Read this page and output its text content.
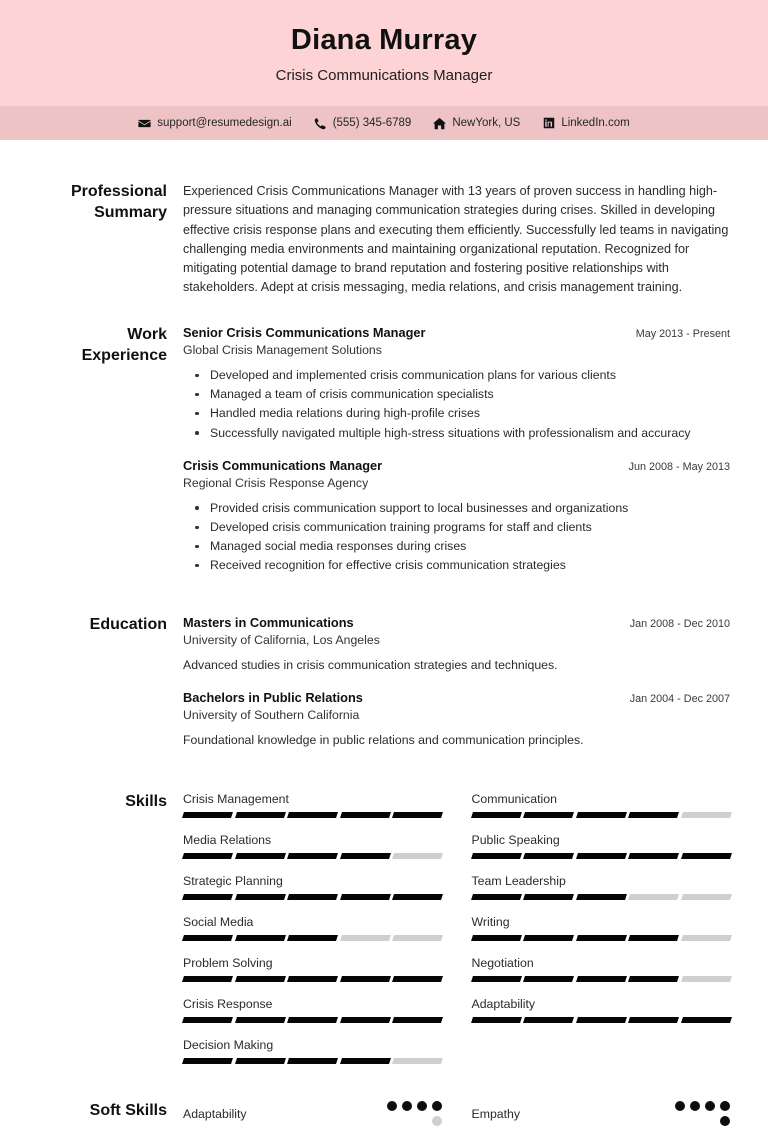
Diana Murray
Crisis Communications Manager
support@resumedesign.ai	(555) 345-6789	NewYork, US	LinkedIn.com
Professional Summary
Experienced Crisis Communications Manager with 13 years of proven success in handling high-pressure situations and managing communication strategies during crises. Skilled in developing effective crisis response plans and executing them efficiently. Successfully led teams in navigating challenging media environments and maintaining organizational reputation. Recognized for mitigating potential damage to brand reputation and fostering positive relationships with stakeholders. Adept at crisis messaging, media relations, and crisis management training.
Work Experience
Senior Crisis Communications Manager	May 2013 - Present
Global Crisis Management Solutions
Developed and implemented crisis communication plans for various clients
Managed a team of crisis communication specialists
Handled media relations during high-profile crises
Successfully navigated multiple high-stress situations with professionalism and accuracy
Crisis Communications Manager	Jun 2008 - May 2013
Regional Crisis Response Agency
Provided crisis communication support to local businesses and organizations
Developed crisis communication training programs for staff and clients
Managed social media responses during crises
Received recognition for effective crisis communication strategies
Education	Masters in Communications	Jan 2008 - Dec 2010
University of California, Los Angeles
Advanced studies in crisis communication strategies and techniques.
Bachelors in Public Relations	Jan 2004 - Dec 2007
University of Southern California
Foundational knowledge in public relations and communication principles.
Skills	Crisis Management
Media Relations
Strategic Planning
Social Media
Problem Solving
Crisis Response
Decision Making
Communication
Public Speaking
Team Leadership
Writing
Negotiation
Adaptability
Soft Skills	Adaptability	Empathy
